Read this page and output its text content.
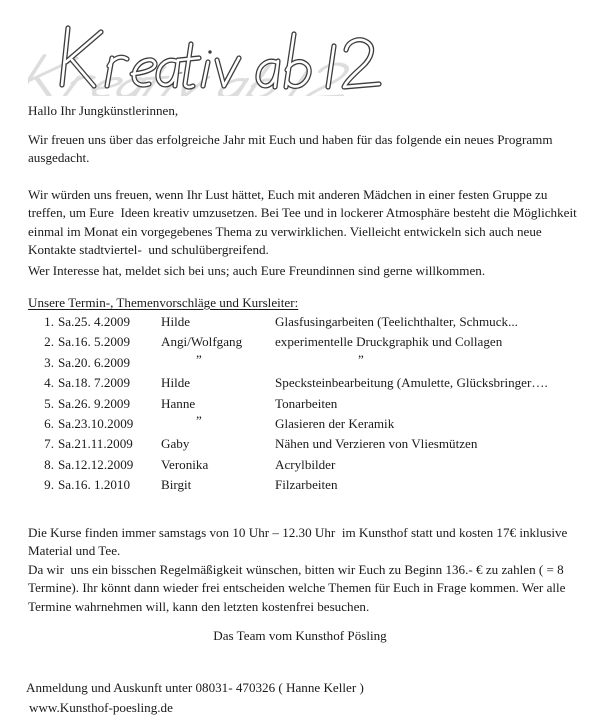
Hallo Ihr Jungkünstlerinnen,
Wir freuen uns über das erfolgreiche Jahr mit Euch und haben für das folgende ein neues Programm ausgedacht.
Wir würden uns freuen, wenn Ihr Lust hättet, Euch mit anderen Mädchen in einer festen Gruppe zu treffen, um Eure  Ideen kreativ umzusetzen. Bei Tee und in lockerer Atmosphäre besteht die Möglichkeit einmal im Monat ein vorgegebenes Thema zu verwirklichen. Vielleicht entwickeln sich auch neue Kontakte stadtviertel-  und schulübergreifend.
Wer Interesse hat, meldet sich bei uns; auch Eure Freundinnen sind gerne willkommen.
Unsere Termin-, Themenvorschläge und Kursleiter:
1. Sa.25. 4.2009 Hilde	Glasfusingarbeiten (Teelichthalter, Schmuck...
2. Sa.16. 5.2009 Angi/Wolfgang	experimentelle Druckgraphik und Collagen
3. Sa.20. 6.2009	”	”
4. Sa.18. 7.2009 Hilde	Specksteinbearbeitung (Amulette, Glücksbringer….
5. Sa.26. 9.2009 Hanne	Tonarbeiten
6. Sa.23.10.2009	”	Glasieren der Keramik
7. Sa.21.11.2009 Gaby	Nähen und Verzieren von Vliesmützen
8. Sa.12.12.2009 Veronika	Acrylbilder
9. Sa.16. 1.2010 Birgit	Filzarbeiten
Die Kurse finden immer samstags von 10 Uhr – 12.30 Uhr  im Kunsthof statt und kosten 17€ inklusive Material und Tee.
Da wir  uns ein bisschen Regelmäßigkeit wünschen, bitten wir Euch zu Beginn 136.- € zu zahlen ( = 8 Termine). Ihr könnt dann wieder frei entscheiden welche Themen für Euch in Frage kommen. Wer alle Termine wahrnehmen will, kann den letzten kostenfrei besuchen.
Das Team vom Kunsthof Pösling
Anmeldung und Auskunft unter 08031- 470326 ( Hanne Keller )
www.Kunsthof-poesling.de
